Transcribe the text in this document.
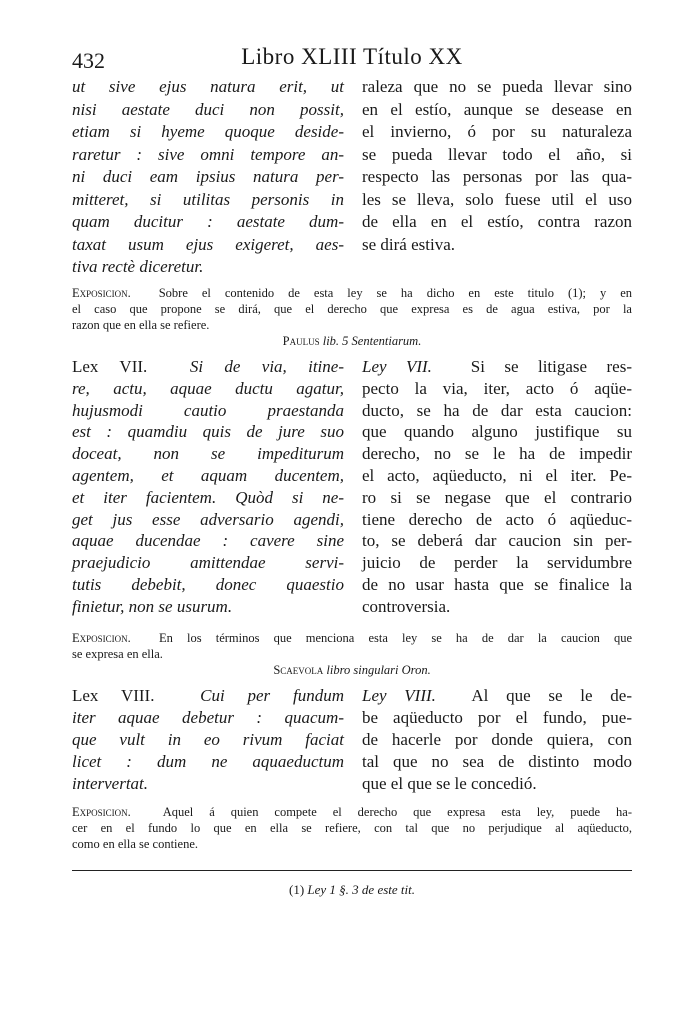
432	Libro XLIII Título XX
ut sive ejus natura erit, ut
nisi aestate duci non possit,
etiam si hyeme quoque deside-
raretur : sive omni tempore an-
ni duci eam ipsius natura per-
mitteret, si utilitas personis in
quam ducitur : aestate dum-
taxat usum ejus exigeret, aes-
tiva rectè diceretur.
raleza que no se pueda llevar sino
en el estío, aunque se desease en
el invierno, ó por su naturaleza
se pueda llevar todo el año, si
respecto las personas por las qua-
les se lleva, solo fuese util el uso
de ella en el estío, contra razon
se dirá estiva.
Exposicion. Sobre el contenido de esta ley se ha dicho en este titulo (1); y en
el caso que propone se dirá, que el derecho que expresa es de agua estiva, por la
razon que en ella se refiere.
Paulus lib. 5 Sententiarum.
Lex VII.	Si de via, itine-
re, actu, aquae ductu agatur,
hujusmodi cautio praestanda
est : quamdiu quis de jure suo
doceat, non se impediturum
agentem, et aquam ducentem,
et iter facientem. Quòd si ne-
get jus esse adversario agendi,
aquae ducendae : cavere sine
praejudicio amittendae servi-
tutis debebit, donec quaestio
finietur, non se usurum.
Ley VII. Si se litigase res-
pecto la via, iter, acto ó aqüe-
ducto, se ha de dar esta caucion:
que quando alguno justifique su
derecho, no se le ha de impedir
el acto, aqüeducto, ni el iter. Pe-
ro si se negase que el contrario
tiene derecho de acto ó aqüeduc-
to, se deberá dar caucion sin per-
juicio de perder la servidumbre
de no usar hasta que se finalice la
controversia.
Exposicion. En los términos que menciona esta ley se ha de dar la caucion que
se expresa en ella.
Scaevola libro singulari Oron.
Lex VIII.	Cui per fundum
iter aquae debetur : quacum-
que vult in eo rivum faciat
licet : dum ne aquaeductum
intervertat.
Ley VIII. Al que se le de-
be aqüeducto por el fundo, pue-
de hacerle por donde quiera, con
tal que no sea de distinto modo
que el que se le concedió.
Exposicion.	Aquel á quien compete el derecho que expresa esta ley, puede ha-
cer en el fundo lo que en ella se refiere, con tal que no perjudique al aqüeducto,
como en ella se contiene.
(1) Ley 1 §. 3 de este tit.
